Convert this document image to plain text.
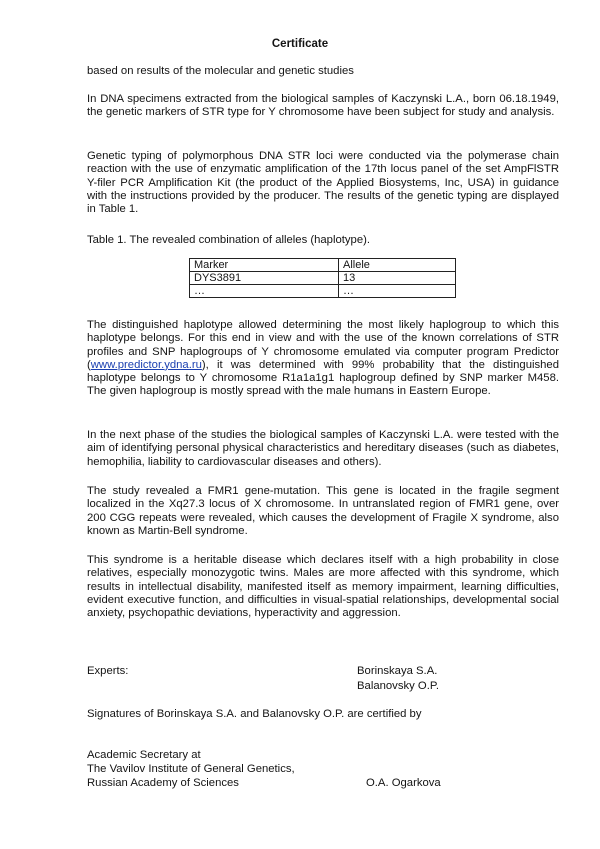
Certificate
based on results of the molecular and genetic studies

In DNA specimens extracted from the biological samples of Kaczynski L.A., born 06.18.1949, the genetic markers of STR type for Y chromosome have been subject for study and analysis.

Genetic typing of polymorphous DNA STR loci were conducted via the polymerase chain reaction with the use of enzymatic amplification of the 17th locus panel of the set AmpFlSTR Y-filer PCR Amplification Kit (the product of the Applied Biosystems, Inc, USA) in guidance with the instructions provided by the producer. The results of the genetic typing are displayed in Table 1.

Table 1. The revealed combination of alleles (haplotype).
Marker	Allele
DYS3891	13
…	…

The distinguished haplotype allowed determining the most likely haplogroup to which this haplotype belongs. For this end in view and with the use of the known correlations of STR profiles and SNP haplogroups of Y chromosome emulated via computer program Predictor (www.predictor.ydna.ru), it was determined with 99% probability that the distinguished haplotype belongs to Y chromosome R1a1a1g1 haplogroup defined by SNP marker M458. The given haplogroup is mostly spread with the male humans in Eastern Europe.

In the next phase of the studies the biological samples of Kaczynski L.A. were tested with the aim of identifying personal physical characteristics and hereditary diseases (such as diabetes, hemophilia, liability to cardiovascular diseases and others).

The study revealed a FMR1 gene-mutation. This gene is located in the fragile segment localized in the Xq27.3 locus of X chromosome. In untranslated region of FMR1 gene, over 200 CGG repeats were revealed, which causes the development of Fragile X syndrome, also known as Martin-Bell syndrome.

This syndrome is a heritable disease which declares itself with a high probability in close relatives, especially monozygotic twins. Males are more affected with this syndrome, which results in intellectual disability, manifested itself as memory impairment, learning difficulties, evident executive function, and difficulties in visual-spatial relationships, developmental social anxiety, psychopathic deviations, hyperactivity and aggression.

Experts:	Borinskaya S.A.
Balanovsky O.P.
Signatures of Borinskaya S.A. and Balanovsky O.P. are certified by
Academic Secretary at
The Vavilov Institute of General Genetics,
Russian Academy of Sciences	O.A. Ogarkova
